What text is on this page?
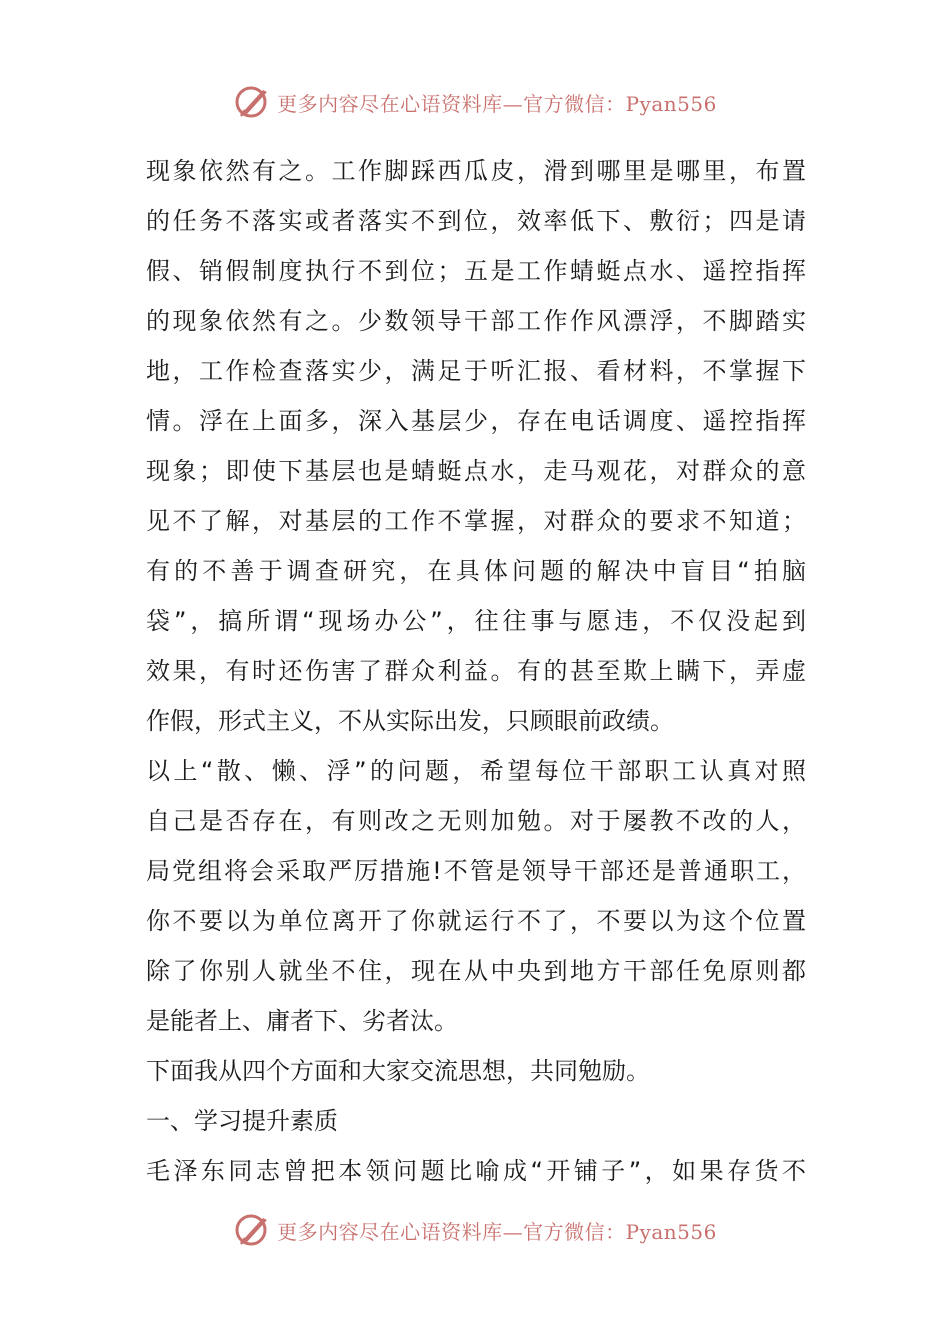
更多内容尽在心语资料库—官方微信：Pyan556
现象依然有之。工作脚踩西瓜皮，滑到哪里是哪里，布置
的任务不落实或者落实不到位，效率低下、敷衍；四是请
假、销假制度执行不到位；五是工作蜻蜓点水、遥控指挥
的现象依然有之。少数领导干部工作作风漂浮，不脚踏实
地，工作检查落实少，满足于听汇报、看材料，不掌握下
情。浮在上面多，深入基层少，存在电话调度、遥控指挥
现象；即使下基层也是蜻蜓点水，走马观花，对群众的意
见不了解，对基层的工作不掌握，对群众的要求不知道；
有的不善于调查研究，在具体问题的解决中盲目“拍脑
袋”，搞所谓“现场办公”，往往事与愿违，不仅没起到
效果，有时还伤害了群众利益。有的甚至欺上瞒下，弄虚
作假，形式主义，不从实际出发，只顾眼前政绩。
以上“散、懒、浮”的问题，希望每位干部职工认真对照
自己是否存在，有则改之无则加勉。对于屡教不改的人，
局党组将会采取严厉措施!不管是领导干部还是普通职工，
你不要以为单位离开了你就运行不了，不要以为这个位置
除了你别人就坐不住，现在从中央到地方干部任免原则都
是能者上、庸者下、劣者汰。
下面我从四个方面和大家交流思想，共同勉励。
一、学习提升素质
毛泽东同志曾把本领问题比喻成“开铺子”，如果存货不
更多内容尽在心语资料库—官方微信：Pyan556
